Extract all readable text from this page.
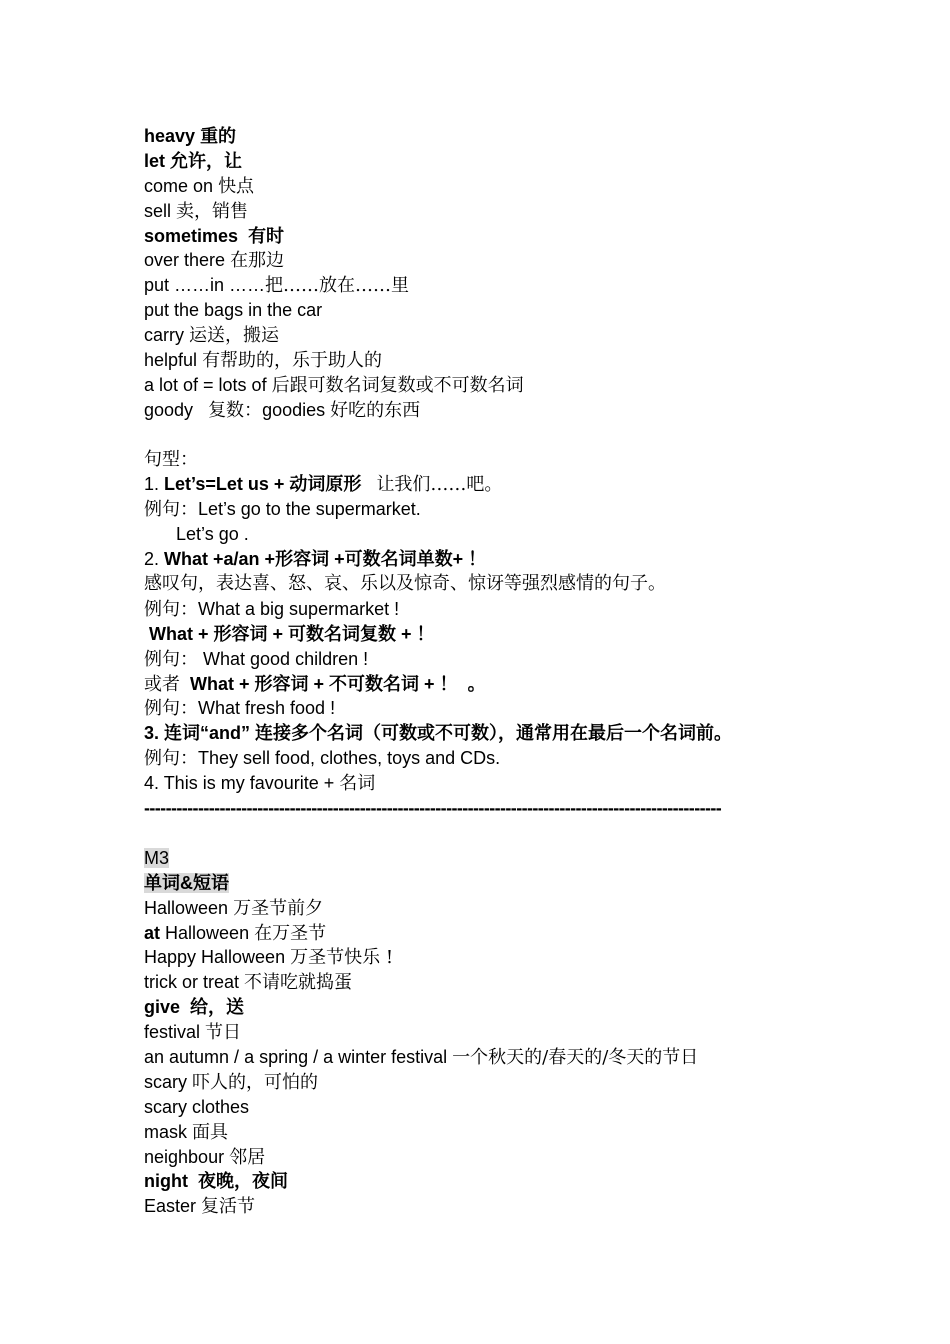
heavy 重的
let 允许，让
come on 快点
sell 卖，销售
sometimes 有时
over there 在那边
put ……in ……把……放在……里
put the bags in the car
carry 运送，搬运
helpful 有帮助的，乐于助人的
a lot of = lots of 后跟可数名词复数或不可数名词
goody 复数：goodies 好吃的东西
句型：
1. Let’s=Let us + 动词原形 让我们……吧。
例句：Let’s go to the supermarket.
Let’s go .
2. What +a/an +形容词 +可数名词单数+ ！
感叹句，表达喜、怒、哀、乐以及惊奇、惊讶等强烈感情的句子。
例句：What a big supermarket !
What + 形容词 + 可数名词复数 + ！
例句： What good children !
或者 What + 形容词 + 不可数名词 + ！ 。
例句：What fresh food !
3. 连词“and” 连接多个名词（可数或不可数），通常用在最后一个名词前。
例句：They sell food, clothes, toys and CDs.
4. This is my favourite + 名词
-----------------------------------------------------------------------------------------------------------
M3
单词&短语
Halloween 万圣节前夕
at Halloween 在万圣节
Happy Halloween 万圣节快乐 !
trick or treat 不请吃就捣蛋
give 给，送
festival 节日
an autumn / a spring / a winter festival 一个秋天的/春天的/冬天的节日
scary 吓人的，可怕的
scary clothes
mask 面具
neighbour 邻居
night 夜晚，夜间
Easter 复活节
